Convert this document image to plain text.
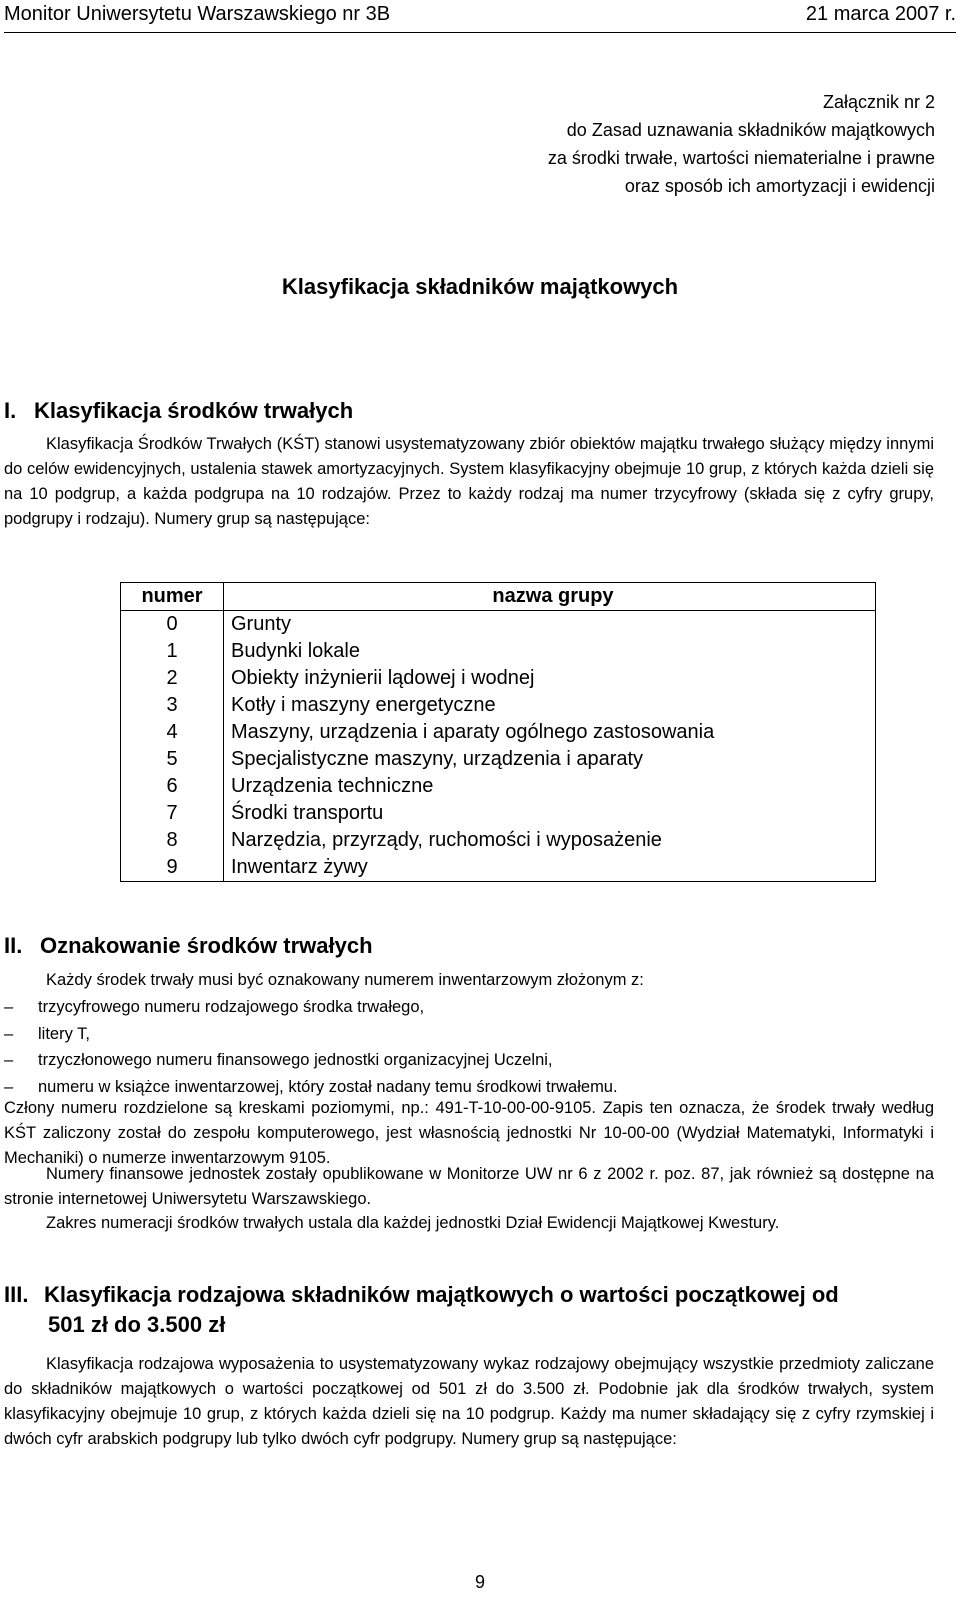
Monitor Uniwersytetu Warszawskiego nr 3B	21 marca 2007 r.
Załącznik nr 2
do Zasad uznawania składników majątkowych
za środki trwałe, wartości niematerialne i prawne
oraz sposób ich amortyzacji i ewidencji
Klasyfikacja składników majątkowych
I. Klasyfikacja środków trwałych
Klasyfikacja Środków Trwałych (KŚT) stanowi usystematyzowany zbiór obiektów majątku trwałego służący między innymi do celów ewidencyjnych, ustalenia stawek amortyzacyjnych. System klasyfikacyjny obejmuje 10 grup, z których każda dzieli się na 10 podgrup, a każda podgrupa na 10 rodzajów. Przez to każdy rodzaj ma numer trzycyfrowy (składa się z cyfry grupy, podgrupy i rodzaju). Numery grup są następujące:
numer	nazwa grupy
0	Grunty
1	Budynki lokale
2	Obiekty inżynierii lądowej i wodnej
3	Kotły i maszyny energetyczne
4	Maszyny, urządzenia i aparaty ogólnego zastosowania
5	Specjalistyczne maszyny, urządzenia i aparaty
6	Urządzenia techniczne
7	Środki transportu
8	Narzędzia, przyrządy, ruchomości i wyposażenie
9	Inwentarz żywy
II. Oznakowanie środków trwałych
Każdy środek trwały musi być oznakowany numerem inwentarzowym złożonym z:
– trzycyfrowego numeru rodzajowego środka trwałego,
– litery T,
– trzyczłonowego numeru finansowego jednostki organizacyjnej Uczelni,
– numeru w książce inwentarzowej, który został nadany temu środkowi trwałemu.
Człony numeru rozdzielone są kreskami poziomymi, np.: 491-T-10-00-00-9105. Zapis ten oznacza, że środek trwały według KŚT zaliczony został do zespołu komputerowego, jest własnością jednostki Nr 10-00-00 (Wydział Matematyki, Informatyki i Mechaniki) o numerze inwentarzowym 9105.
Numery finansowe jednostek zostały opublikowane w Monitorze UW nr 6 z 2002 r. poz. 87, jak również są dostępne na stronie internetowej Uniwersytetu Warszawskiego.
Zakres numeracji środków trwałych ustala dla każdej jednostki Dział Ewidencji Majątkowej Kwestury.
III. Klasyfikacja rodzajowa składników majątkowych o wartości początkowej od
501 zł do 3.500 zł
Klasyfikacja rodzajowa wyposażenia to usystematyzowany wykaz rodzajowy obejmujący wszystkie przedmioty zaliczane do składników majątkowych o wartości początkowej od 501 zł do 3.500 zł. Podobnie jak dla środków trwałych, system klasyfikacyjny obejmuje 10 grup, z których każda dzieli się na 10 podgrup. Każdy ma numer składający się z cyfry rzymskiej i dwóch cyfr arabskich podgrupy lub tylko dwóch cyfr podgrupy. Numery grup są następujące:
9
